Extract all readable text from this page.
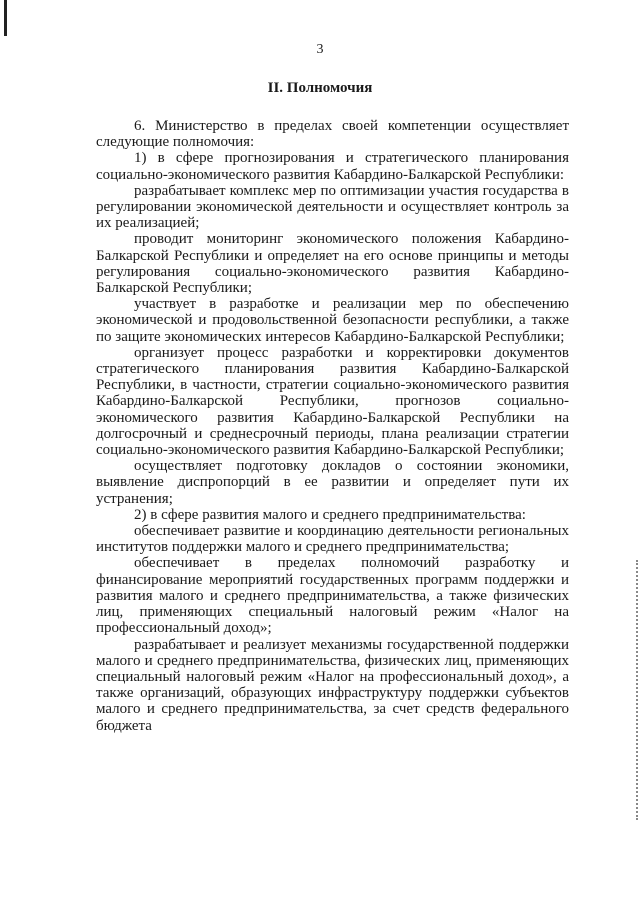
3
II. Полномочия

6. Министерство в пределах своей компетенции осуществляет следующие полномочия:

1) в сфере прогнозирования и стратегического планирования социально-экономического развития Кабардино-Балкарской Республики:

разрабатывает комплекс мер по оптимизации участия государства в регулировании экономической деятельности и осуществляет контроль за их реализацией;

проводит мониторинг экономического положения Кабардино-Балкарской Республики и определяет на его основе принципы и методы регулирования социально-экономического развития Кабардино-Балкарской Республики;

участвует в разработке и реализации мер по обеспечению экономической и продовольственной безопасности республики, а также по защите экономических интересов Кабардино-Балкарской Республики;

организует процесс разработки и корректировки документов стратегического планирования развития Кабардино-Балкарской Республики, в частности, стратегии социально-экономического развития Кабардино-Балкарской Республики, прогнозов социально-экономического развития Кабардино-Балкарской Республики на долгосрочный и среднесрочный периоды, плана реализации стратегии социально-экономического развития Кабардино-Балкарской Республики;

осуществляет подготовку докладов о состоянии экономики, выявление диспропорций в ее развитии и определяет пути их устранения;

2) в сфере развития малого и среднего предпринимательства:

обеспечивает развитие и координацию деятельности региональных институтов поддержки малого и среднего предпринимательства;

обеспечивает в пределах полномочий разработку и финансирование мероприятий государственных программ поддержки и развития малого и среднего предпринимательства, а также физических лиц, применяющих специальный налоговый режим «Налог на профессиональный доход»;

разрабатывает и реализует механизмы государственной поддержки малого и среднего предпринимательства, физических лиц, применяющих специальный налоговый режим «Налог на профессиональный доход», а также организаций, образующих инфраструктуру поддержки субъектов малого и среднего предпринимательства, за счет средств федерального бюджета
